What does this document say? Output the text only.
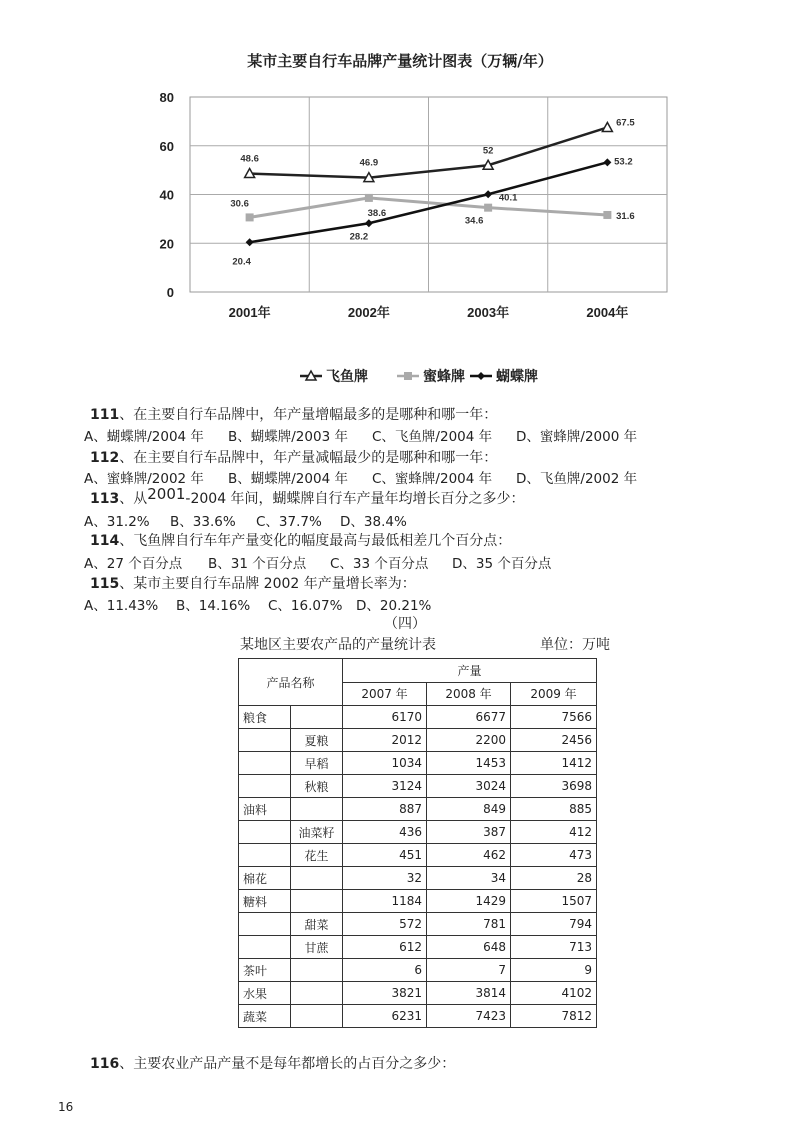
某市主要自行车品牌产量统计图表（万辆/年）
0
20
40
60
80
2001年	2002年	2003年	2004年
48.6	46.9
52
67.5
30.6
38.6
34.6	31.6
20.4
28.2
40.1
53.2
飞鱼牌	蜜蜂牌 蝴蝶牌
111、在主要自行车品牌中，年产量增幅最多的是哪种和哪一年：
A、蝴蝶牌/2004 年 B、蝴蝶牌/2003 年 C、飞鱼牌/2004 年 D、蜜蜂牌/2000 年
112、在主要自行车品牌中，年产量减幅最少的是哪种和哪一年：
A、蜜蜂牌/2002 年 B、蝴蝶牌/2004 年 C、蜜蜂牌/2004 年 D、飞鱼牌/2002 年
113、从2001-2004 年间，蝴蝶牌自行车产量年均增长百分之多少：
A、31.2% B、33.6% C、37.7% D、38.4%
114、飞鱼牌自行车年产量变化的幅度最高与最低相差几个百分点：
A、27 个百分点 B、31 个百分点 C、33 个百分点 D、35 个百分点
115、某市主要自行车品牌 2002 年产量增长率为：
A、11.43% B、14.16% C、16.07% D、20.21%
（四）
某地区主要农产品的产量统计表	单位：万吨
产品名称		产量		
		2007 年	2008 年	2009 年
粮食		6170	6677	7566
	夏粮	2012	2200	2456
	早稻	1034	1453	1412
	秋粮	3124	3024	3698
油料		887	849	885
	油菜籽	436	387	412
	花生	451	462	473
棉花		32	34	28
糖料		1184	1429	1507
	甜菜	572	781	794
	甘蔗	612	648	713
茶叶		6	7	9
水果		3821	3814	4102
蔬菜		6231	7423	7812
116、主要农业产品产量不是每年都增长的占百分之多少：
16
